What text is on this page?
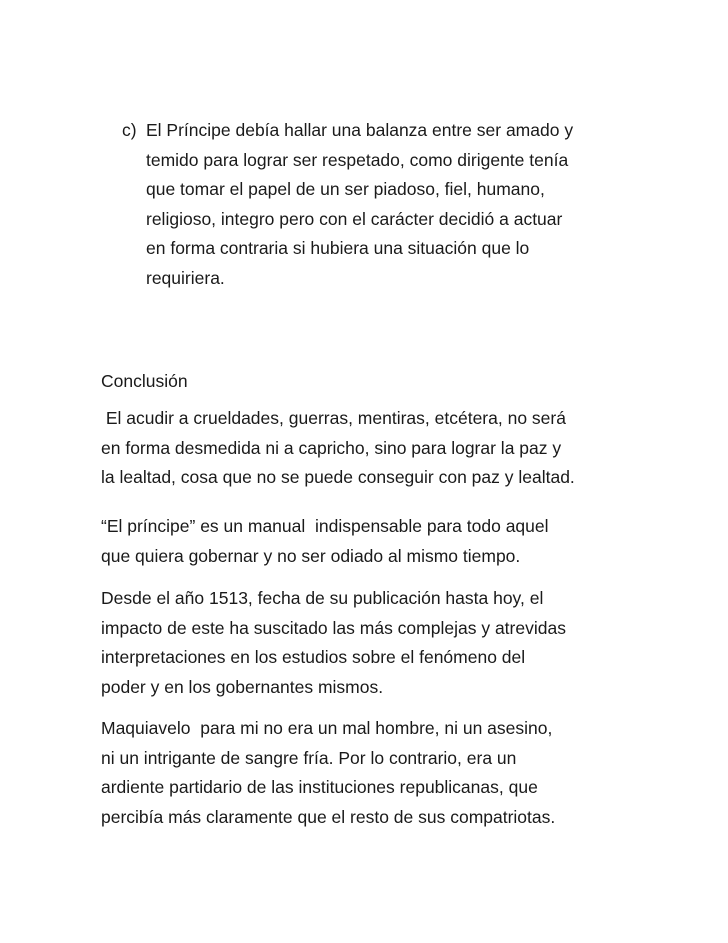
c) El Príncipe debía hallar una balanza entre ser amado y
temido para lograr ser respetado, como dirigente tenía
que tomar el papel de un ser piadoso, fiel, humano,
religioso, integro pero con el carácter decidió a actuar
en forma contraria si hubiera una situación que lo
requiriera.
Conclusión
El acudir a crueldades, guerras, mentiras, etcétera, no será
en forma desmedida ni a capricho, sino para lograr la paz y
la lealtad, cosa que no se puede conseguir con paz y lealtad.
“El príncipe” es un manual  indispensable para todo aquel
que quiera gobernar y no ser odiado al mismo tiempo.
Desde el año 1513, fecha de su publicación hasta hoy, el
impacto de este ha suscitado las más complejas y atrevidas
interpretaciones en los estudios sobre el fenómeno del
poder y en los gobernantes mismos.
Maquiavelo  para mi no era un mal hombre, ni un asesino,
ni un intrigante de sangre fría. Por lo contrario, era un
ardiente partidario de las instituciones republicanas, que
percibía más claramente que el resto de sus compatriotas.
